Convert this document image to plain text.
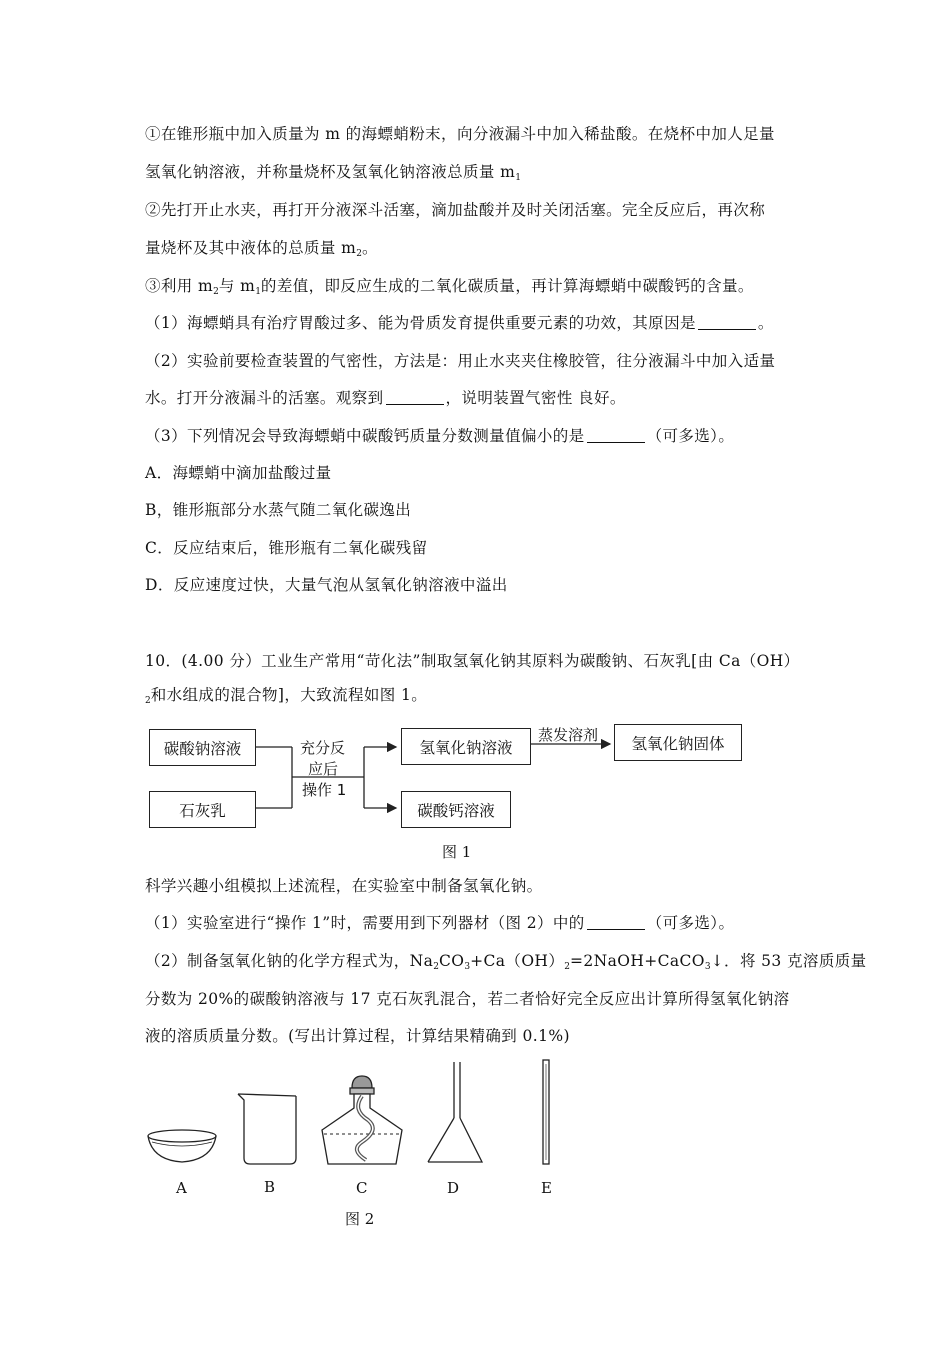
①在锥形瓶中加入质量为 m 的海螵蛸粉末，向分液漏斗中加入稀盐酸。在烧杯中加人足量
氢氧化钠溶液，并称量烧杯及氢氧化钠溶液总质量 $m_1$
②先打开止水夹，再打开分液深斗活塞，滴加盐酸并及时关闭活塞。完全反应后，再次称
量烧杯及其中液体的总质量 $m_2$。
③利用 $m_2$与 $m_1$的差值，即反应生成的二氧化碳质量，再计算海螵蛸中碳酸钙的含量。
（1）海螵蛸具有治疗胃酸过多、能为骨质发育提供重要元素的功效，其原因是	。
（2）实验前要检查装置的气密性，方法是：用止水夹夹住橡胶管，往分液漏斗中加入适量
水。打开分液漏斗的活塞。观察到	，说明装置气密性 良好。
（3）下列情况会导致海螵蛸中碳酸钙质量分数测量值偏小的是	（可多选）。
A．海螵蛸中滴加盐酸过量
B，锥形瓶部分水蒸气随二氧化碳逸出
C．反应结束后，锥形瓶有二氧化碳残留
D．反应速度过快，大量气泡从氢氧化钠溶液中溢出
10．(4.00 分）工业生产常用“苛化法”制取氢氧化钠其原料为碳酸钠、石灰乳[由 Ca（OH）
$_2$和水组成的混合物]，大致流程如图 1。
碳酸钠溶液
石灰乳
充分反
应后
操作 1
氢氧化钠溶液
蒸发溶剂 氢氧化钠固体
碳酸钙溶液
图 1
科学兴趣小组模拟上述流程，在实验室中制备氢氧化钠。
（1）实验室进行“操作 1”时，需要用到下列器材（图 2）中的	（可多选）。
（2）制备氢氧化钠的化学方程式为，$Na_2CO_3+Ca(OH)_2=2NaOH+CaCO_3↓$．将 53 克溶质质量
分数为 20%的碳酸钠溶液与 17 克石灰乳混合，若二者恰好完全反应出计算所得氢氧化钠溶
液的溶质质量分数。(写出计算过程，计算结果精确到 0.1%)
A	B	C	D	E
图 2
